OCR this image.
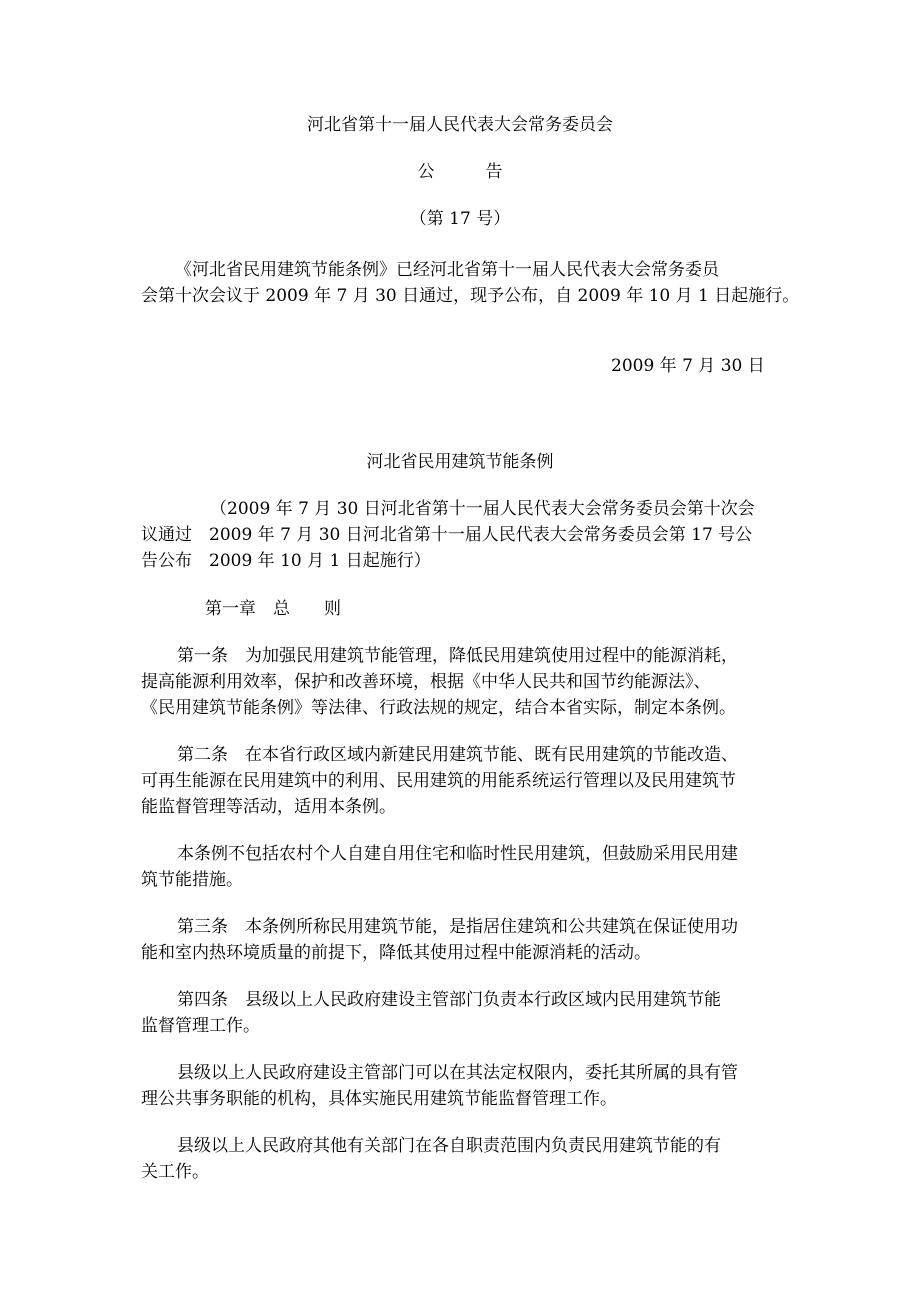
河北省第十一届人民代表大会常务委员会
公　　　告
（第 17 号）
《河北省民用建筑节能条例》已经河北省第十一届人民代表大会常务委员
会第十次会议于 2009 年 7 月 30 日通过，现予公布，自 2009 年 10 月 1 日起施行。
2009 年 7 月 30 日
河北省民用建筑节能条例
（2009 年 7 月 30 日河北省第十一届人民代表大会常务委员会第十次会
议通过　2009 年 7 月 30 日河北省第十一届人民代表大会常务委员会第 17 号公
告公布　2009 年 10 月 1 日起施行）
第一章　总　　则
第一条　为加强民用建筑节能管理，降低民用建筑使用过程中的能源消耗，
提高能源利用效率，保护和改善环境，根据《中华人民共和国节约能源法》、
《民用建筑节能条例》等法律、行政法规的规定，结合本省实际，制定本条例。
第二条　在本省行政区域内新建民用建筑节能、既有民用建筑的节能改造、
可再生能源在民用建筑中的利用、民用建筑的用能系统运行管理以及民用建筑节
能监督管理等活动，适用本条例。
本条例不包括农村个人自建自用住宅和临时性民用建筑，但鼓励采用民用建
筑节能措施。
第三条　本条例所称民用建筑节能，是指居住建筑和公共建筑在保证使用功
能和室内热环境质量的前提下，降低其使用过程中能源消耗的活动。
第四条　县级以上人民政府建设主管部门负责本行政区域内民用建筑节能
监督管理工作。
县级以上人民政府建设主管部门可以在其法定权限内，委托其所属的具有管
理公共事务职能的机构，具体实施民用建筑节能监督管理工作。
县级以上人民政府其他有关部门在各自职责范围内负责民用建筑节能的有
关工作。
